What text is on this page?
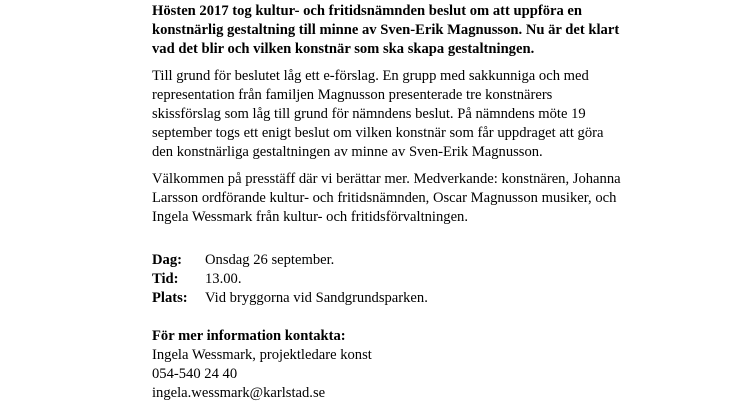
Hösten 2017 tog kultur- och fritidsnämnden beslut om att uppföra en konstnärlig gestaltning till minne av Sven-Erik Magnusson. Nu är det klart vad det blir och vilken konstnär som ska skapa gestaltningen.

Till grund för beslutet låg ett e-förslag. En grupp med sakkunniga och med representation från familjen Magnusson presenterade tre konstnärers skissförslag som låg till grund för nämndens beslut. På nämndens möte 19 september togs ett enigt beslut om vilken konstnär som får uppdraget att göra den konstnärliga gestaltningen av minne av Sven-Erik Magnusson.

Välkommen på presstäff där vi berättar mer. Medverkande: konstnären, Johanna Larsson ordförande kultur- och fritidsnämnden, Oscar Magnusson musiker, och Ingela Wessmark från kultur- och fritidsförvaltningen.

Dag:	Onsdag 26 september.
Tid:	13.00.
Plats:	Vid bryggorna vid Sandgrundsparken.
För mer information kontakta:
Ingela Wessmark, projektledare konst
054-540 24 40
ingela.wessmark@karlstad.se
